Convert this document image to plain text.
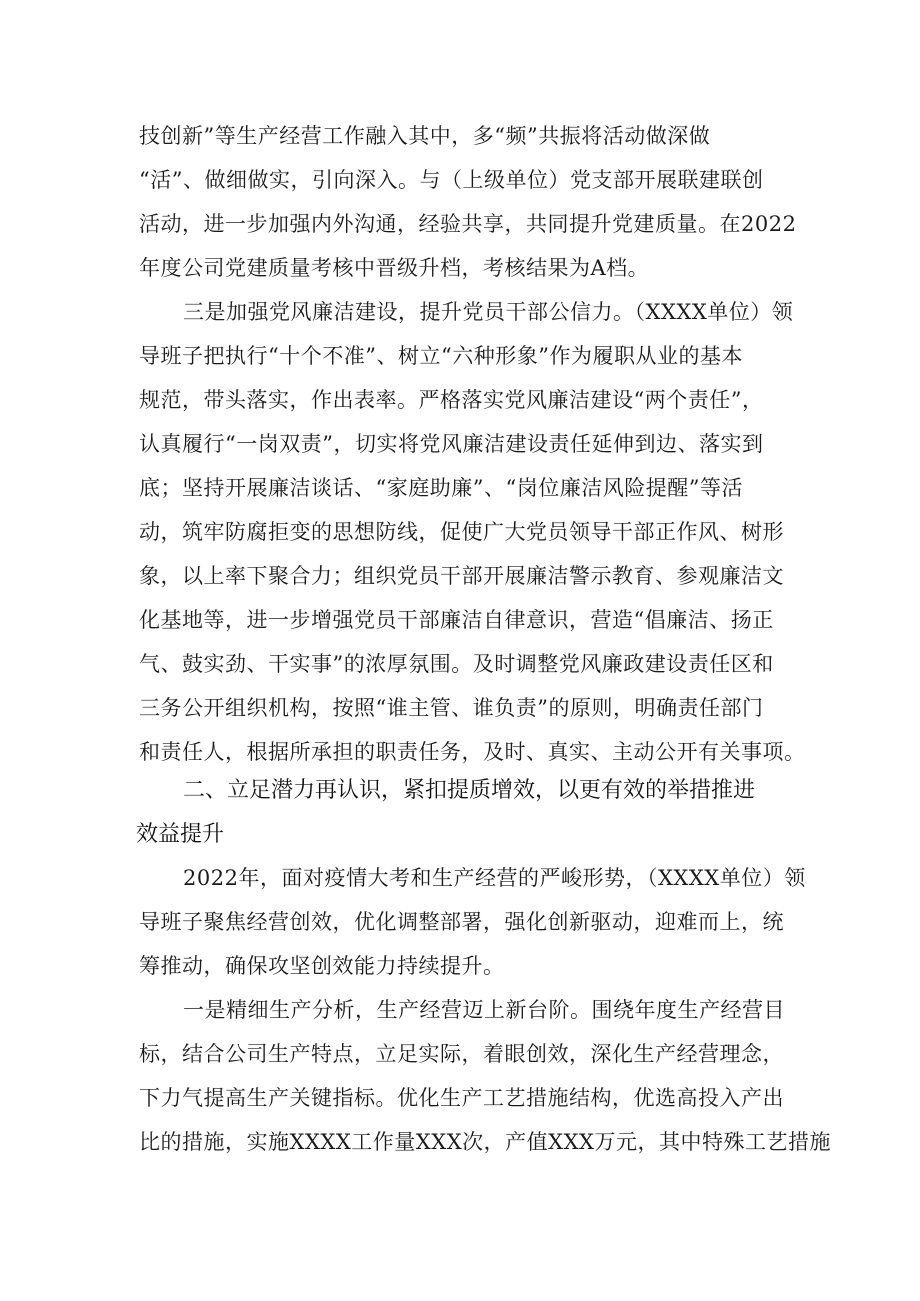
技创新”等生产经营工作融入其中，多“频”共振将活动做深做
“活”、做细做实，引向深入。与（上级单位）党支部开展联建联创
活动，进一步加强内外沟通，经验共享，共同提升党建质量。在2022
年度公司党建质量考核中晋级升档，考核结果为A档。
三是加强党风廉洁建设，提升党员干部公信力。（XXXX单位）领
导班子把执行“十个不准”、树立“六种形象”作为履职从业的基本
规范，带头落实，作出表率。严格落实党风廉洁建设“两个责任”，
认真履行“一岗双责”，切实将党风廉洁建设责任延伸到边、落实到
底；坚持开展廉洁谈话、“家庭助廉”、“岗位廉洁风险提醒”等活
动，筑牢防腐拒变的思想防线，促使广大党员领导干部正作风、树形
象，以上率下聚合力；组织党员干部开展廉洁警示教育、参观廉洁文
化基地等，进一步增强党员干部廉洁自律意识，营造“倡廉洁、扬正
气、鼓实劲、干实事”的浓厚氛围。及时调整党风廉政建设责任区和
三务公开组织机构，按照“谁主管、谁负责”的原则，明确责任部门
和责任人，根据所承担的职责任务，及时、真实、主动公开有关事项。
二、立足潜力再认识，紧扣提质增效，以更有效的举措推进
效益提升
2022年，面对疫情大考和生产经营的严峻形势，（XXXX单位）领
导班子聚焦经营创效，优化调整部署，强化创新驱动，迎难而上，统
筹推动，确保攻坚创效能力持续提升。
一是精细生产分析，生产经营迈上新台阶。围绕年度生产经营目
标，结合公司生产特点，立足实际，着眼创效，深化生产经营理念，
下力气提高生产关键指标。优化生产工艺措施结构，优选高投入产出
比的措施，实施XXXX工作量XXX次，产值XXX万元，其中特殊工艺措施
